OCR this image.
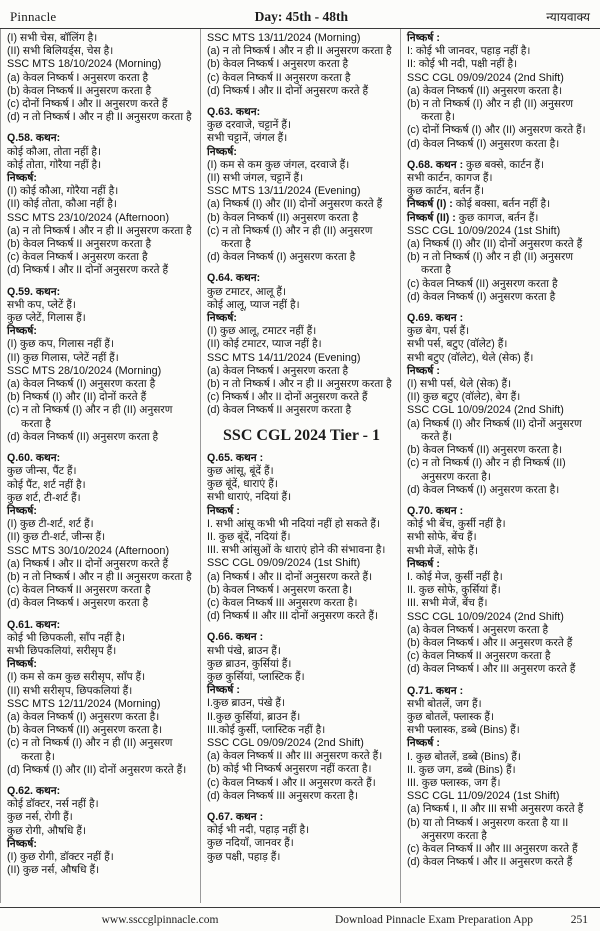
Pinnacle	Day: 45th - 48th	न्यायवाक्य
(I) सभी चेस, बॉलिंग है।
(II) सभी बिलियर्ड्स, चेस है।
SSC MTS 18/10/2024 (Morning)
(a) केवल निष्कर्ष I अनुसरण करता है
(b) केवल निष्कर्ष II अनुसरण करता है
(c) दोनों निष्कर्ष I और II अनुसरण करते हैं
(d) न तो निष्कर्ष I और न ही II अनुसरण करता है
Q.58. कथन:
कोई कौआ, तोता नहीं है।
कोई तोता, गोरैया नहीं है।
निष्कर्ष:
(I) कोई कौआ, गोरैया नहीं है।
(II) कोई तोता, कौआ नहीं है।
SSC MTS 23/10/2024 (Afternoon)
(a) न तो निष्कर्ष I और न ही II अनुसरण करता है
(b) केवल निष्कर्ष II अनुसरण करता है
(c) केवल निष्कर्ष I अनुसरण करता है
(d) निष्कर्ष I और II दोनों अनुसरण करते हैं
Q.59. कथन:
सभी कप, प्लेटें हैं।
कुछ प्लेटें, गिलास हैं।
निष्कर्ष:
(I) कुछ कप, गिलास नहीं हैं।
(II) कुछ गिलास, प्लेटें नहीं हैं।
SSC MTS 28/10/2024 (Morning)
(a) केवल निष्कर्ष (I) अनुसरण करता है
(b) निष्कर्ष (I) और (II) दोनों करते हैं
(c) न तो निष्कर्ष (I) और न ही (II) अनुसरण करता है
(d) केवल निष्कर्ष (II) अनुसरण करता है
Q.60. कथन:
कुछ जीन्स, पैंट हैं।
कोई पैंट, शर्ट नहीं है।
कुछ शर्ट, टी-शर्ट हैं।
निष्कर्ष:
(I) कुछ टी-शर्ट, शर्ट हैं।
(II) कुछ टी-शर्ट, जीन्स हैं।
SSC MTS 30/10/2024 (Afternoon)
(a) निष्कर्ष I और II दोनों अनुसरण करते हैं
(b) न तो निष्कर्ष I और न ही II अनुसरण करता है
(c) केवल निष्कर्ष II अनुसरण करता है
(d) केवल निष्कर्ष I अनुसरण करता है
Q.61. कथन:
कोई भी छिपकली, साँप नहीं है।
सभी छिपकलियां, सरीसृप हैं।
निष्कर्ष:
(I) कम से कम कुछ सरीसृप, साँप हैं।
(II) सभी सरीसृप, छिपकलियां हैं।
SSC MTS 12/11/2024 (Morning)
(a) केवल निष्कर्ष (I) अनुसरण करता है।
(b) केवल निष्कर्ष (II) अनुसरण करता है।
(c) न तो निष्कर्ष (I) और न ही (II) अनुसरण करता है।
(d) निष्कर्ष (I) और (II) दोनों अनुसरण करते हैं।
Q.62. कथन:
कोई डॉक्टर, नर्स नहीं है।
कुछ नर्स, रोगी हैं।
कुछ रोगी, औषधि हैं।
निष्कर्ष:
(I) कुछ रोगी, डॉक्टर नहीं हैं।
(II) कुछ नर्स, औषधि हैं।
SSC MTS 13/11/2024 (Morning)
(a) न तो निष्कर्ष I और न ही II अनुसरण करता है
(b) केवल निष्कर्ष I अनुसरण करता है
(c) केवल निष्कर्ष II अनुसरण करता है
(d) निष्कर्ष I और II दोनों अनुसरण करते हैं
Q.63. कथन:
कुछ दरवाजे, चट्टानें हैं।
सभी चट्टानें, जंगल हैं।
निष्कर्ष:
(I) कम से कम कुछ जंगल, दरवाजे हैं।
(II) सभी जंगल, चट्टानें हैं।
SSC MTS 13/11/2024 (Evening)
(a) निष्कर्ष (I) और (II) दोनों अनुसरण करते हैं
(b) केवल निष्कर्ष (II) अनुसरण करता है
(c) न तो निष्कर्ष (I) और न ही (II) अनुसरण करता है
(d) केवल निष्कर्ष (I) अनुसरण करता है
Q.64. कथन:
कुछ टमाटर, आलू हैं।
कोई आलू, प्याज नहीं है।
निष्कर्ष:
(I) कुछ आलू, टमाटर नहीं हैं।
(II) कोई टमाटर, प्याज नहीं है।
SSC MTS 14/11/2024 (Evening)
(a) केवल निष्कर्ष I अनुसरण करता है
(b) न तो निष्कर्ष I और न ही II अनुसरण करता है
(c) निष्कर्ष I और II दोनों अनुसरण करते हैं
(d) केवल निष्कर्ष II अनुसरण करता है
SSC CGL 2024 Tier - 1
Q.65. कथन :
कुछ आंसू, बूंदें हैं।
कुछ बूंदें, धाराएं हैं।
सभी धाराएं, नदियां हैं।
निष्कर्ष :
I. सभी आंसू कभी भी नदियां नहीं हो सकते हैं।
II. कुछ बूंदें, नदियां हैं।
III. सभी आंसुओं के धाराएं होने की संभावना है।
SSC CGL 09/09/2024 (1st Shift)
(a) निष्कर्ष I और II दोनों अनुसरण करते हैं।
(b) केवल निष्कर्ष I अनुसरण करता है।
(c) केवल निष्कर्ष III अनुसरण करता है।
(d) निष्कर्ष II और III दोनों अनुसरण करते हैं।
Q.66. कथन :
सभी पंखे, ब्राउन हैं।
कुछ ब्राउन, कुर्सियां हैं।
कुछ कुर्सियां, प्लास्टिक हैं।
निष्कर्ष :
I.कुछ ब्राउन, पंखे हैं।
II.कुछ कुर्सियां, ब्राउन हैं।
III.कोई कुर्सी, प्लास्टिक नहीं है।
SSC CGL 09/09/2024 (2nd Shift)
(a) केवल निष्कर्ष II और III अनुसरण करते हैं।
(b) कोई भी निष्कर्ष अनुसरण नहीं करता है।
(c) केवल निष्कर्ष I और II अनुसरण करते हैं।
(d) केवल निष्कर्ष III अनुसरण करता है।
Q.67. कथन :
कोई भी नदी, पहाड़ नहीं है।
कुछ नदियाँ, जानवर हैं।
कुछ पक्षी, पहाड़ हैं।
निष्कर्ष :
I: कोई भी जानवर, पहाड़ नहीं है।
II: कोई भी नदी, पक्षी नहीं है।
SSC CGL 09/09/2024 (2nd Shift)
(a) केवल निष्कर्ष (II) अनुसरण करता है।
(b) न तो निष्कर्ष (I) और न ही (II) अनुसरण करता है।
(c) दोनों निष्कर्ष (I) और (II) अनुसरण करते हैं।
(d) केवल निष्कर्ष (I) अनुसरण करता है।
Q.68. कथन : कुछ बक्से, कार्टन हैं।
सभी कार्टन, कागज हैं।
कुछ कार्टन, बर्तन हैं।
निष्कर्ष (I) : कोई बक्सा, बर्तन नहीं है।
निष्कर्ष (II) : कुछ कागज, बर्तन हैं।
SSC CGL 10/09/2024 (1st Shift)
(a) निष्कर्ष (I) और (II) दोनों अनुसरण करते हैं
(b) न तो निष्कर्ष (I) और न ही (II) अनुसरण करता है
(c) केवल निष्कर्ष (II) अनुसरण करता है
(d) केवल निष्कर्ष (I) अनुसरण करता है
Q.69. कथन :
कुछ बेग, पर्स हैं।
सभी पर्स, बटुए (वॉलेट) हैं।
सभी बटुए (वॉलेट), थेले (सेक) हैं।
निष्कर्ष :
(I) सभी पर्स, थेले (सेक) हैं।
(II) कुछ बटुए (वॉलेट), बेग हैं।
SSC CGL 10/09/2024 (2nd Shift)
(a) निष्कर्ष (I) और निष्कर्ष (II) दोनों अनुसरण करते हैं।
(b) केवल निष्कर्ष (II) अनुसरण करता है।
(c) न तो निष्कर्ष (I) और न ही निष्कर्ष (II) अनुसरण करता है।
(d) केवल निष्कर्ष (I) अनुसरण करता है।
Q.70. कथन :
कोई भी बेंच, कुर्सी नहीं है।
सभी सोफे, बेंच हैं।
सभी मेजें, सोफे हैं।
निष्कर्ष :
I. कोई मेज, कुर्सी नहीं है।
II. कुछ सोफे, कुर्सियां हैं।
III. सभी मेजें, बेंच हैं।
SSC CGL 10/09/2024 (2nd Shift)
(a) केवल निष्कर्ष I अनुसरण करता है
(b) केवल निष्कर्ष I और II अनुसरण करते हैं
(c) केवल निष्कर्ष II अनुसरण करता है
(d) केवल निष्कर्ष I और III अनुसरण करते हैं
Q.71. कथन :
सभी बोतलें, जग हैं।
कुछ बोतलें, फ्लास्क हैं।
सभी फ्लास्क, डब्बे (Bins) हैं।
निष्कर्ष :
I. कुछ बोतलें, डब्बे (Bins) हैं।
II. कुछ जग, डब्बे (Bins) हैं।
III. कुछ फ्लास्क, जग हैं।
SSC CGL 11/09/2024 (1st Shift)
(a) निष्कर्ष I, II और III सभी अनुसरण करते हैं
(b) या तो निष्कर्ष I अनुसरण करता है या II अनुसरण करता है
(c) केवल निष्कर्ष II और III अनुसरण करते हैं
(d) केवल निष्कर्ष I और II अनुसरण करते हैं
www.ssccglpinnacle.com	Download Pinnacle Exam Preparation App	251
